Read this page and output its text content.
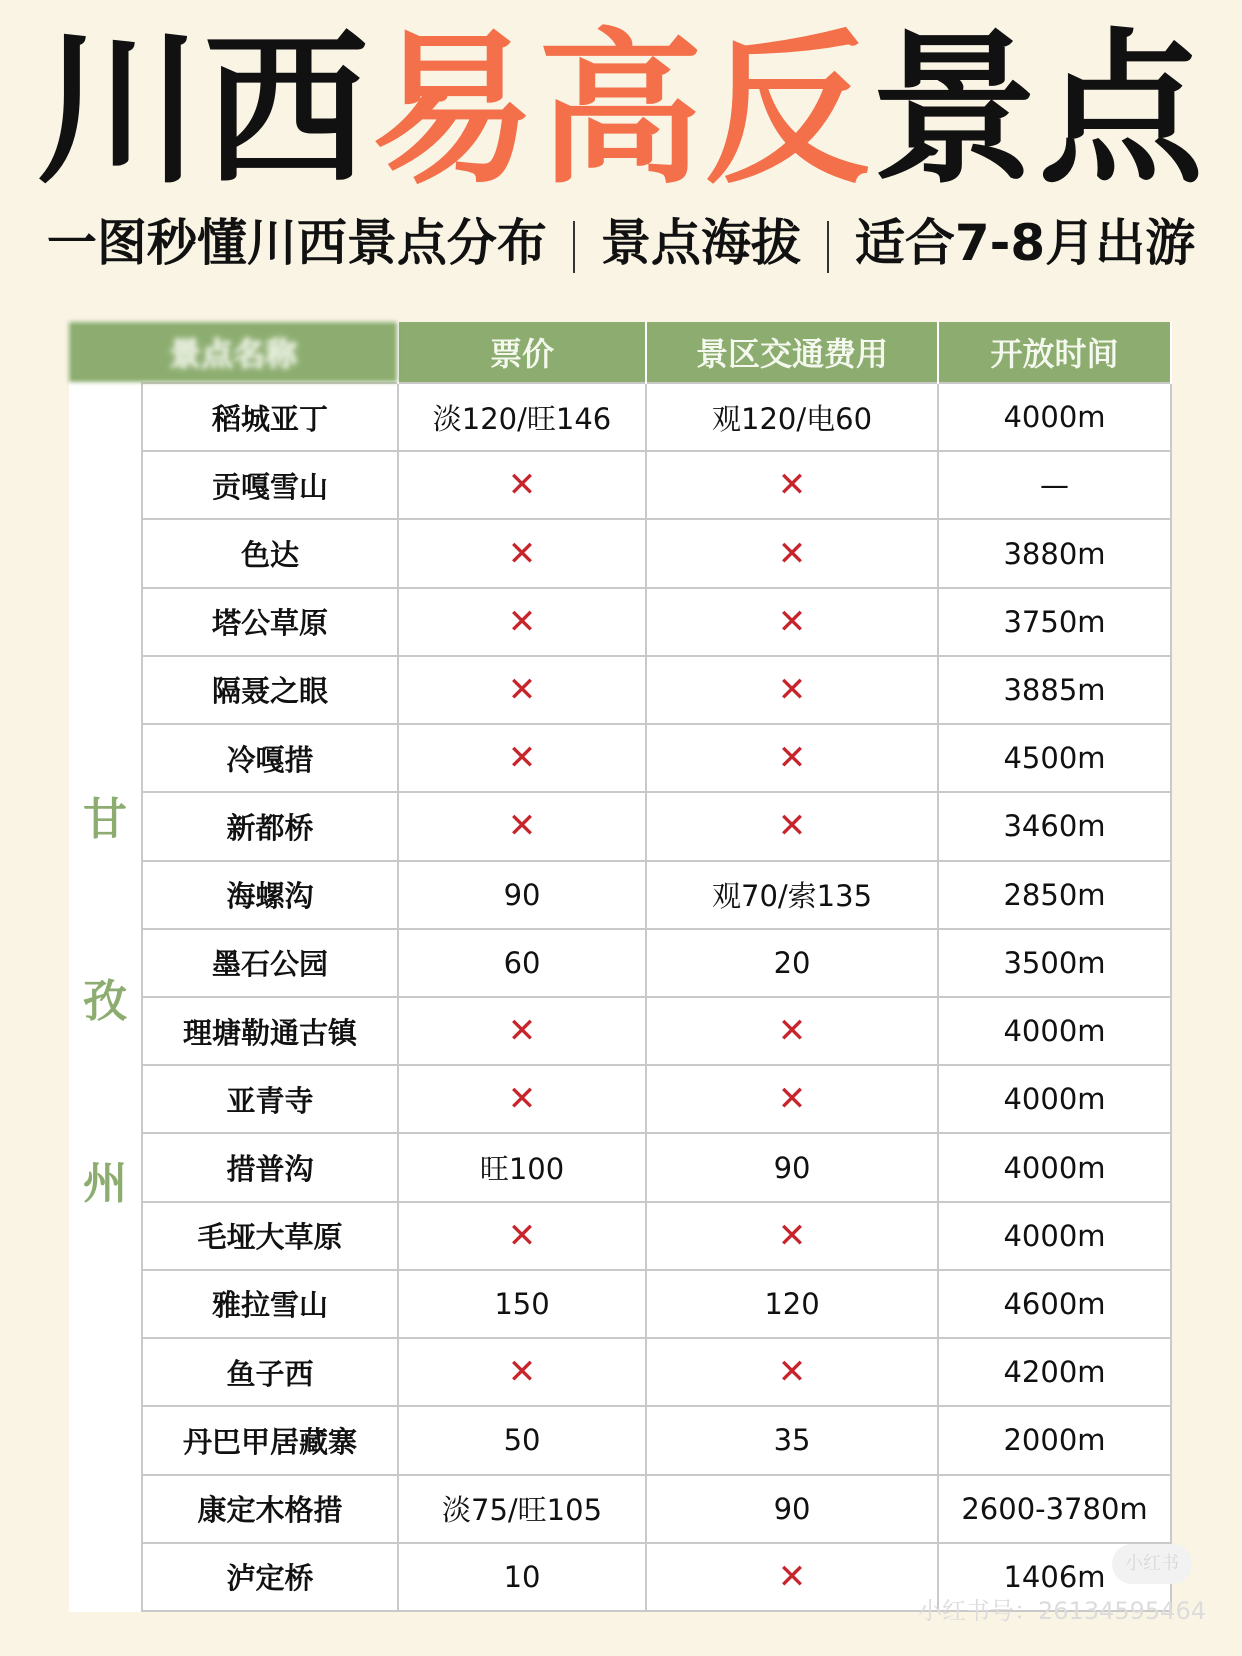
川西易高反景点
一图秒懂川西景点分布 景点海拔 适合7-8月出游
景点名称		票价	景区交通费用	开放时间

甘
孜
州	稻城亚丁	淡120/旺146	观120/电60	4000m
	贡嘎雪山	✕	✕	—
	色达	✕	✕	3880m
	塔公草原	✕	✕	3750m
	隔聂之眼	✕	✕	3885m
	冷嘎措	✕	✕	4500m
	新都桥	✕	✕	3460m
	海螺沟	90	观70/索135	2850m
	墨石公园	60	20	3500m
	理塘勒通古镇	✕	✕	4000m
	亚青寺	✕	✕	4000m
	措普沟	旺100	90	4000m
	毛垭大草原	✕	✕	4000m
	雅拉雪山	150	120	4600m
	鱼子西	✕	✕	4200m
	丹巴甲居藏寨	50	35	2000m
	康定木格措	淡75/旺105	90	2600-3780m
	泸定桥	10	✕	1406m	小红书
小红书号：2613459546​4
